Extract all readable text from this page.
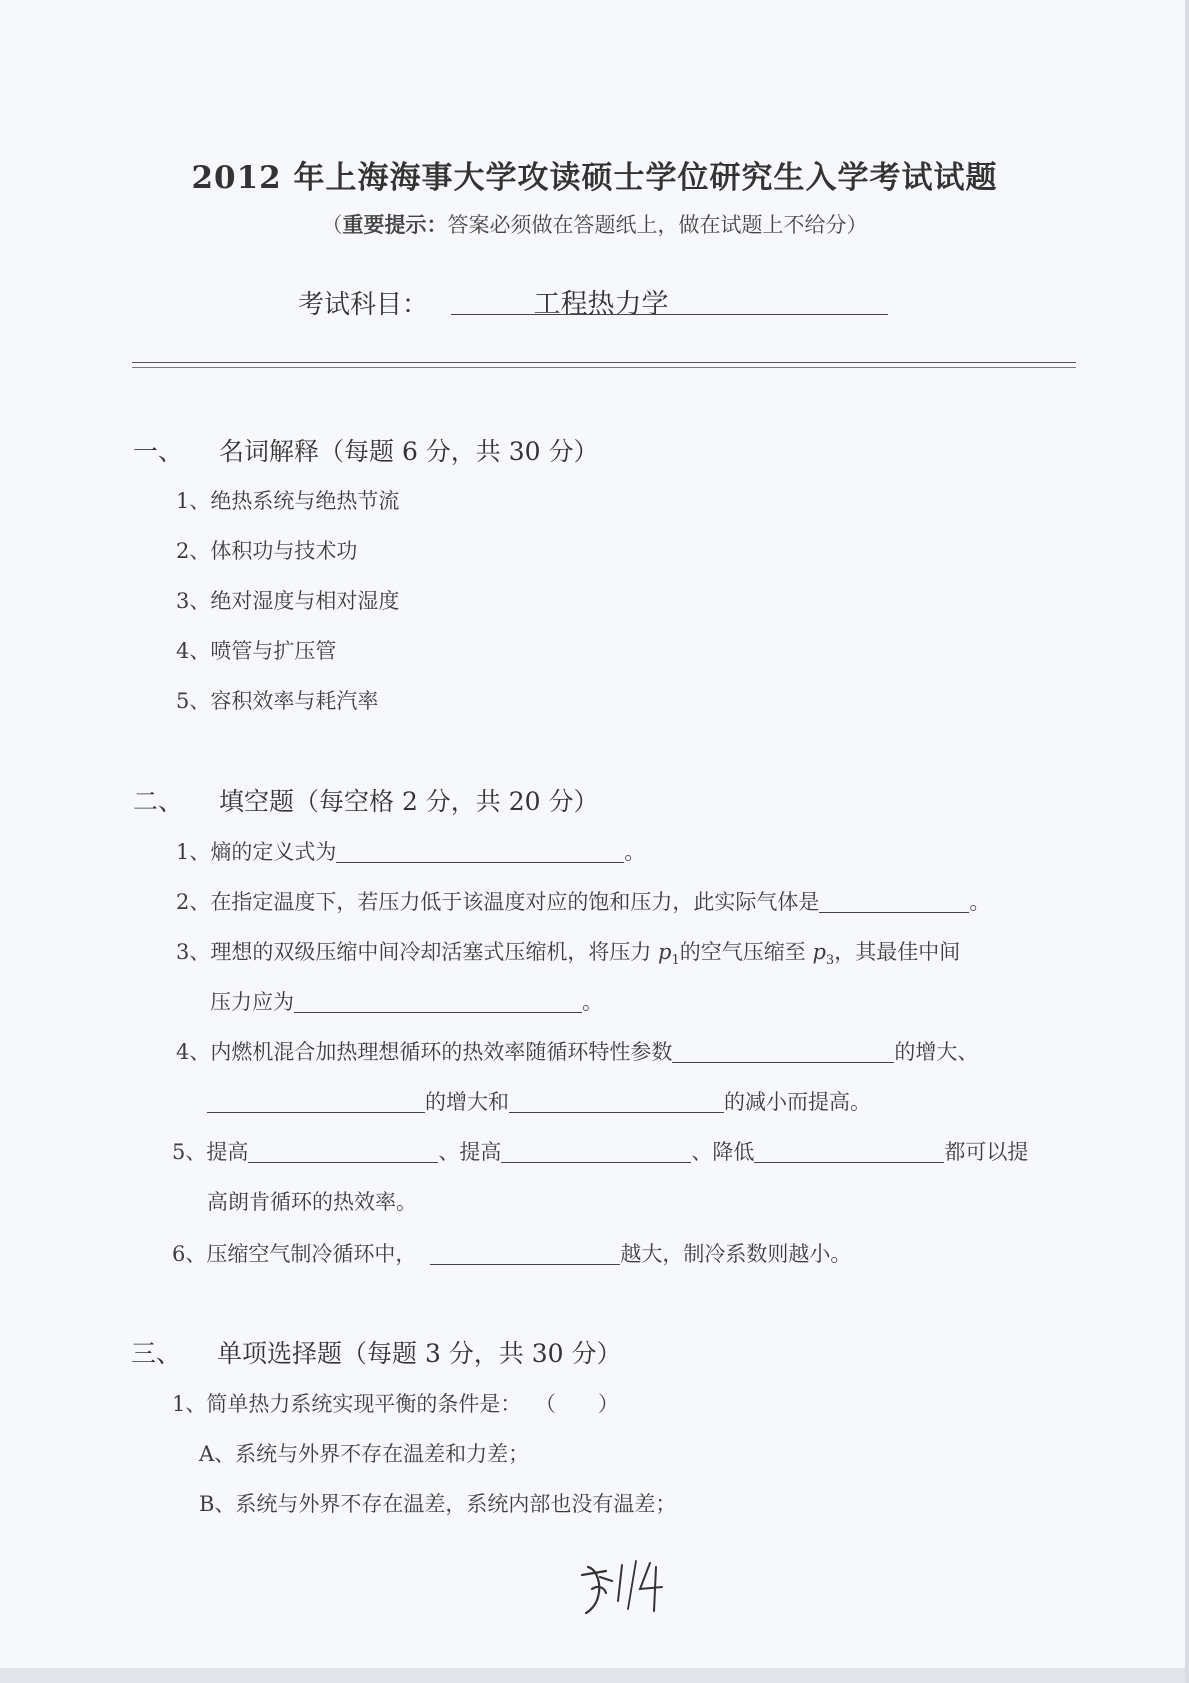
2012 年上海海事大学攻读硕士学位研究生入学考试试题
（重要提示：答案必须做在答题纸上，做在试题上不给分）
考试科目：	工程热力学
一、 名词解释（每题 6 分，共 30 分）
1、绝热系统与绝热节流
2、体积功与技术功
3、绝对湿度与相对湿度
4、喷管与扩压管
5、容积效率与耗汽率
二、 填空题（每空格 2 分，共 20 分）
1、熵的定义式为	。
2、在指定温度下，若压力低于该温度对应的饱和压力，此实际气体是	。
3、理想的双级压缩中间冷却活塞式压缩机，将压力 $p_1$的空气压缩至 $p_3$，其最佳中间
压力应为	。
4、内燃机混合加热理想循环的热效率随循环特性参数	的增大、
的增大和	的减小而提高。
5、提高	、提高	、降低	都可以提
高朗肯循环的热效率。
6、压缩空气制冷循环中，	越大，制冷系数则越小。
三、 单项选择题（每题 3 分，共 30 分）
1、简单热力系统实现平衡的条件是： （　　）
A、系统与外界不存在温差和力差；
B、系统与外界不存在温差，系统内部也没有温差；
